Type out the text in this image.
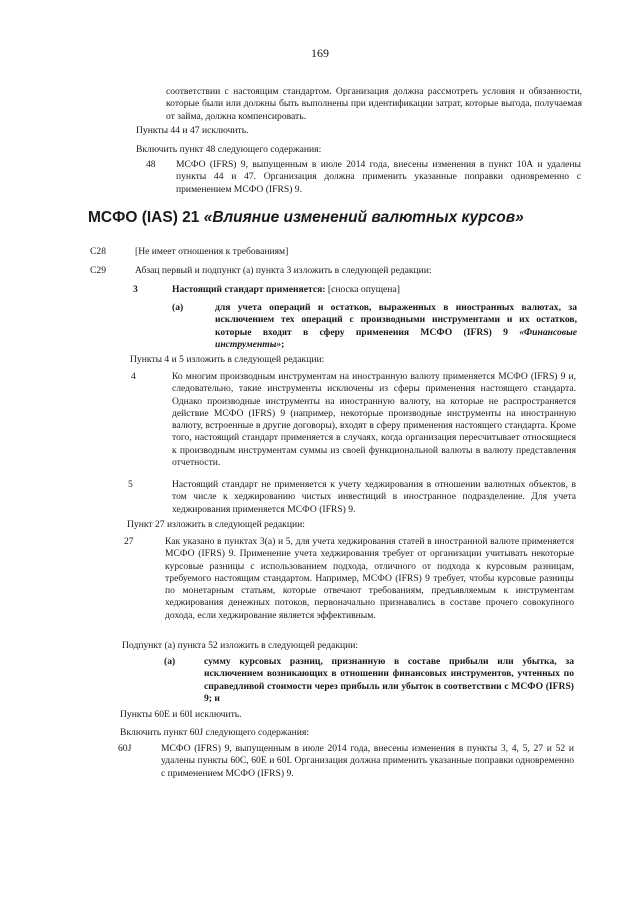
169

соответствии с настоящим стандартом. Организация должна рассмотреть условия и обязанности, которые были или должны быть выполнены при идентификации затрат, которые выгода, получаемая от займа, должна компенсировать.

Пункты 44 и 47 исключить.

Включить пункт 48 следующего содержания:

48 МСФО (IFRS) 9, выпущенным в июле 2014 года, внесены изменения в пункт 10А и удалены пункты 44 и 47. Организация должна применить указанные поправки одновременно с применением МСФО (IFRS) 9.

МСФО (IAS) 21 «Влияние изменений валютных курсов»
C28	[Не имеет отношения к требованиям]

C29	Абзац первый и подпункт (а) пункта 3 изложить в следующей редакции:

3	Настоящий стандарт применяется: [сноска опущена]

(а)	для учета операций и остатков, выраженных в иностранных валютах, за исключением тех операций с производными инструментами и их остатков, которые входят в сферу применения МСФО (IFRS) 9 «Финансовые инструменты»;

Пункты 4 и 5 изложить в следующей редакции:

4	Ко многим производным инструментам на иностранную валюту применяется МСФО (IFRS) 9 и, следовательно, такие инструменты исключены из сферы применения настоящего стандарта. Однако производные инструменты на иностранную валюту, на которые не распространяется действие МСФО (IFRS) 9 (например, некоторые производные инструменты на иностранную валюту, встроенные в другие договоры), входят в сферу применения настоящего стандарта. Кроме того, настоящий стандарт применяется в случаях, когда организация пересчитывает относящиеся к производным инструментам суммы из своей функциональной валюты в валюту представления отчетности.

5	Настоящий стандарт не применяется к учету хеджирования в отношении валютных объектов, в том числе к хеджированию чистых инвестиций в иностранное подразделение. Для учета хеджирования применяется МСФО (IFRS) 9.

Пункт 27 изложить в следующей редакции:

27	Как указано в пунктах 3(а) и 5, для учета хеджирования статей в иностранной валюте применяется МСФО (IFRS) 9. Применение учета хеджирования требует от организации учитывать некоторые курсовые разницы с использованием подхода, отличного от подхода к курсовым разницам, требуемого настоящим стандартом. Например, МСФО (IFRS) 9 требует, чтобы курсовые разницы по монетарным статьям, которые отвечают требованиям, предъявляемым к инструментам хеджирования денежных потоков, первоначально признавались в составе прочего совокупного дохода, если хеджирование является эффективным.

Подпункт (а) пункта 52 изложить в следующей редакции:

(а)	сумму курсовых разниц, признанную в составе прибыли или убытка, за исключением возникающих в отношении финансовых инструментов, учтенных по справедливой стоимости через прибыль или убыток в соответствии с МСФО (IFRS) 9; и

Пункты 60Е и 60I исключить.

Включить пункт 60J следующего содержания:

60J	МСФО (IFRS) 9, выпущенным в июле 2014 года, внесены изменения в пункты 3, 4, 5, 27 и 52 и удалены пункты 60С, 60Е и 60I. Организация должна применить указанные поправки одновременно с применением МСФО (IFRS) 9.
